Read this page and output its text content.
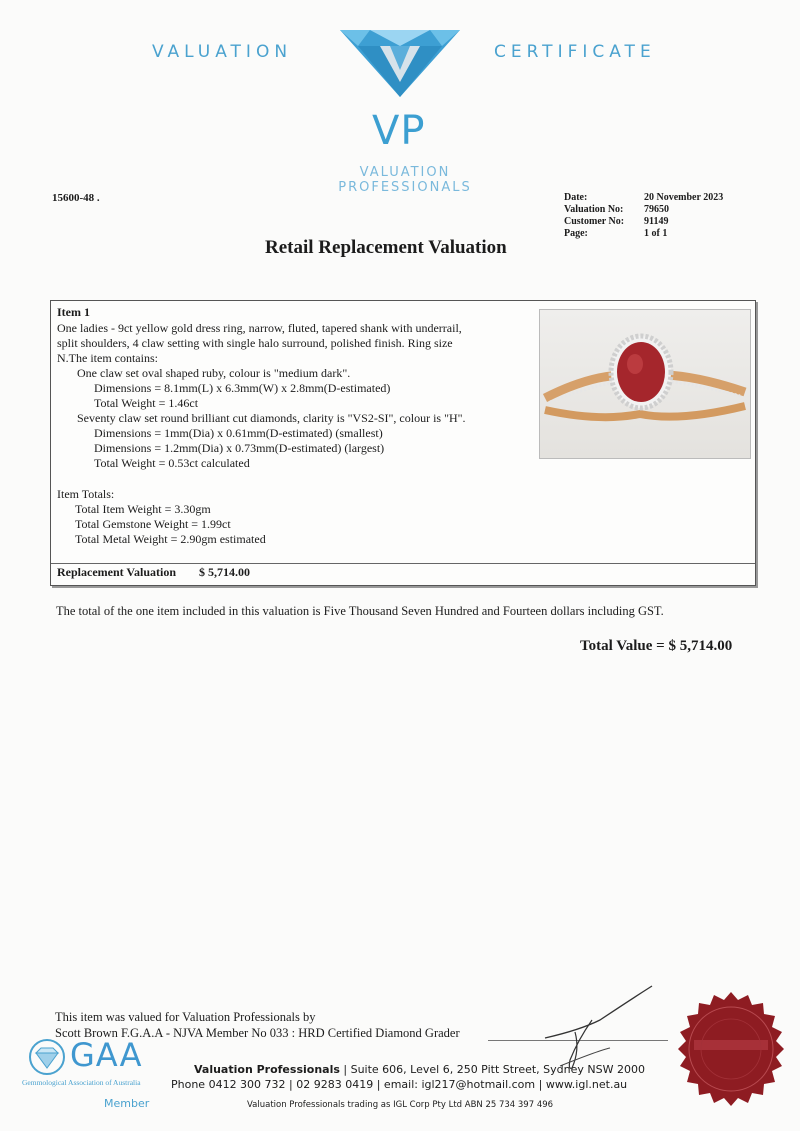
VALUATION	CERTIFICATE
VP
VALUATION
PROFESSIONALS
15600-48 .	Date:	20 November 2023
Valuation No:	79650
Customer No:	91149
Page:	1 of 1
Retail Replacement Valuation
Item 1
One ladies - 9ct yellow gold dress ring, narrow, fluted, tapered shank with underrail,
split shoulders, 4 claw setting with single halo surround, polished finish. Ring size
N.The item contains:
One claw set oval shaped ruby, colour is "medium dark".
Dimensions = 8.1mm(L) x 6.3mm(W) x 2.8mm(D-estimated)
Total Weight = 1.46ct
Seventy claw set round brilliant cut diamonds, clarity is "VS2-SI", colour is "H".
Dimensions = 1mm(Dia) x 0.61mm(D-estimated) (smallest)
Dimensions = 1.2mm(Dia) x 0.73mm(D-estimated) (largest)
Total Weight = 0.53ct calculated
Item Totals:
Total Item Weight = 3.30gm
Total Gemstone Weight = 1.99ct
Total Metal Weight = 2.90gm estimated
Replacement Valuation $ 5,714.00
The total of the one item included in this valuation is Five Thousand Seven Hundred and Fourteen dollars including GST.
Total Value = $ 5,714.00
This item was valued for Valuation Professionals by
Scott Brown F.G.A.A - NJVA Member No 033 : HRD Certified Diamond Grader
GAA
Gemmological Association of Australia
Member
Valuation Professionals | Suite 606, Level 6, 250 Pitt Street, Sydney NSW 2000
Phone 0412 300 732 | 02 9283 0419 | email: igl217@hotmail.com | www.igl.net.au
Valuation Professionals trading as IGL Corp Pty Ltd ABN 25 734 397 496
